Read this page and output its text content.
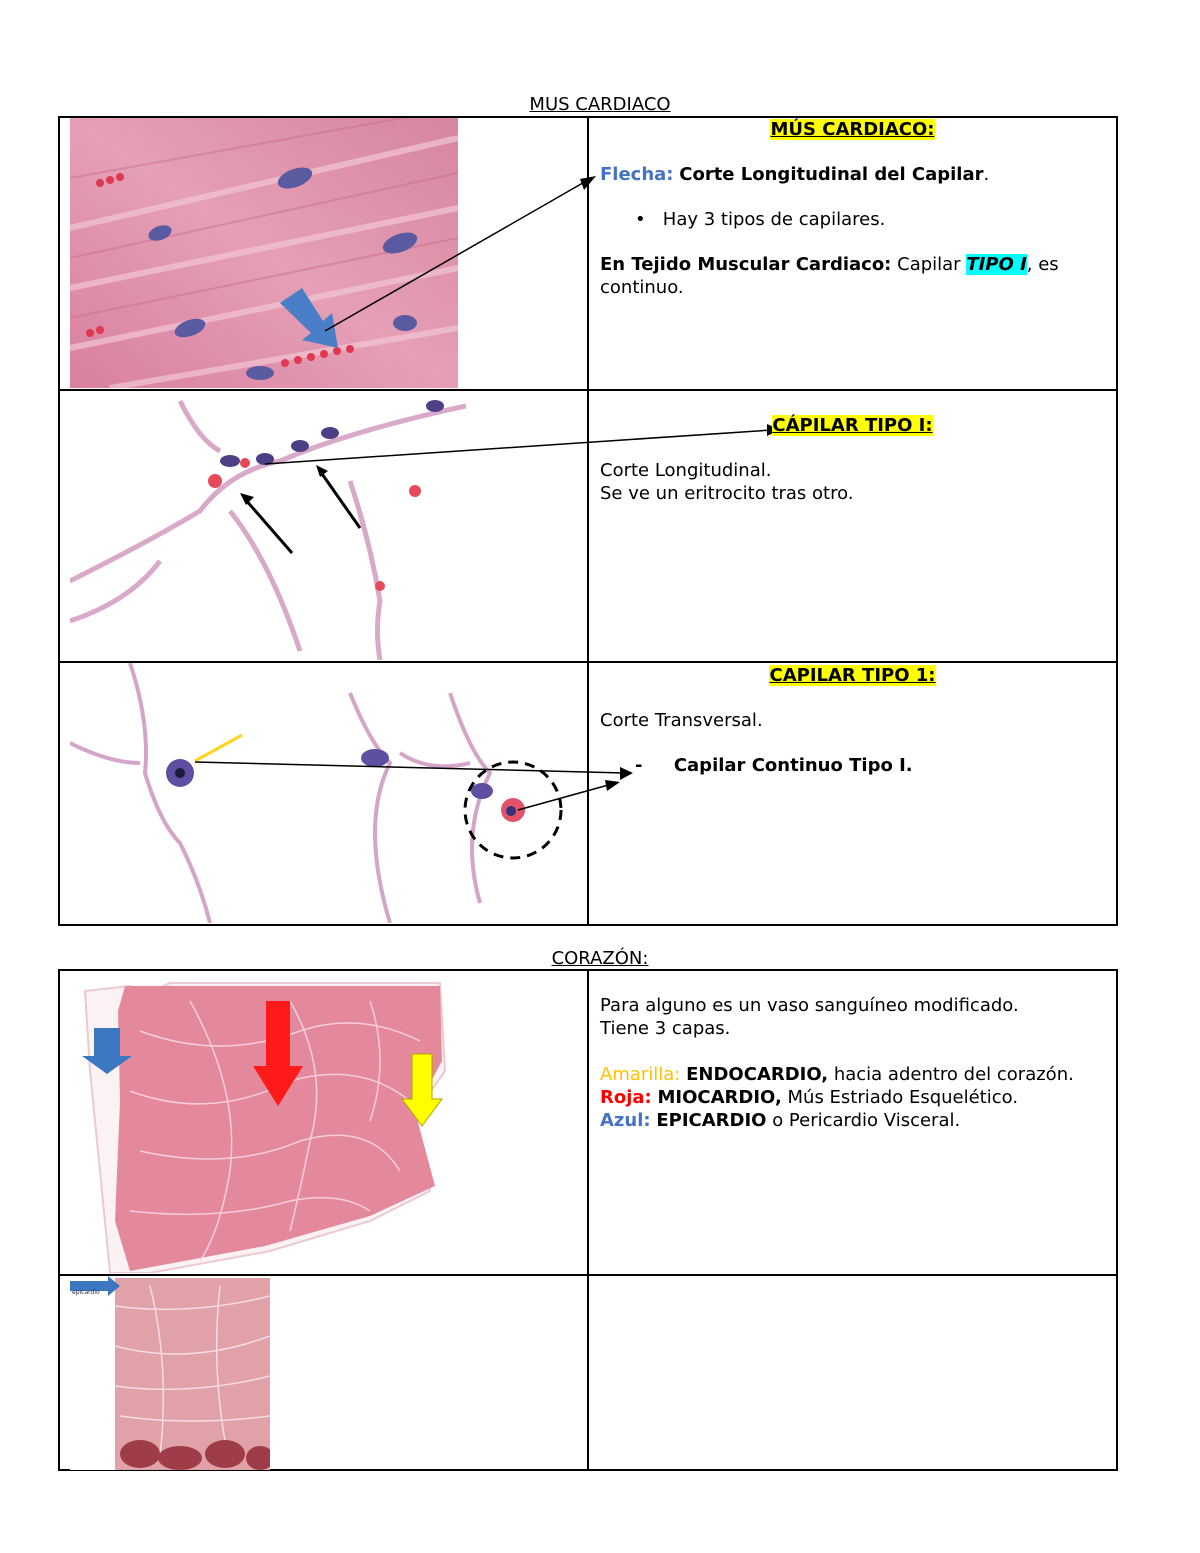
MUS CARDIACO

MÚS CARDIACO:

Flecha: Corte Longitudinal del Capilar.

• Hay 3 tipos de capilares.

En Tejido Muscular Cardiaco: Capilar TIPO I, es continuo.

CÁPILAR TIPO I:

Corte Longitudinal.

Se ve un eritrocito tras otro.

CAPILAR TIPO 1:

Corte Transversal.

- Capilar Continuo Tipo I.

CORAZÓN:

Para alguno es un vaso sanguíneo modificado.

Tiene 3 capas.

Amarilla: ENDOCARDIO, hacia adentro del corazón.

Roja: MIOCARDIO, Mús Estriado Esquelético.

Azul: EPICARDIO o Pericardio Visceral.

epicardio
